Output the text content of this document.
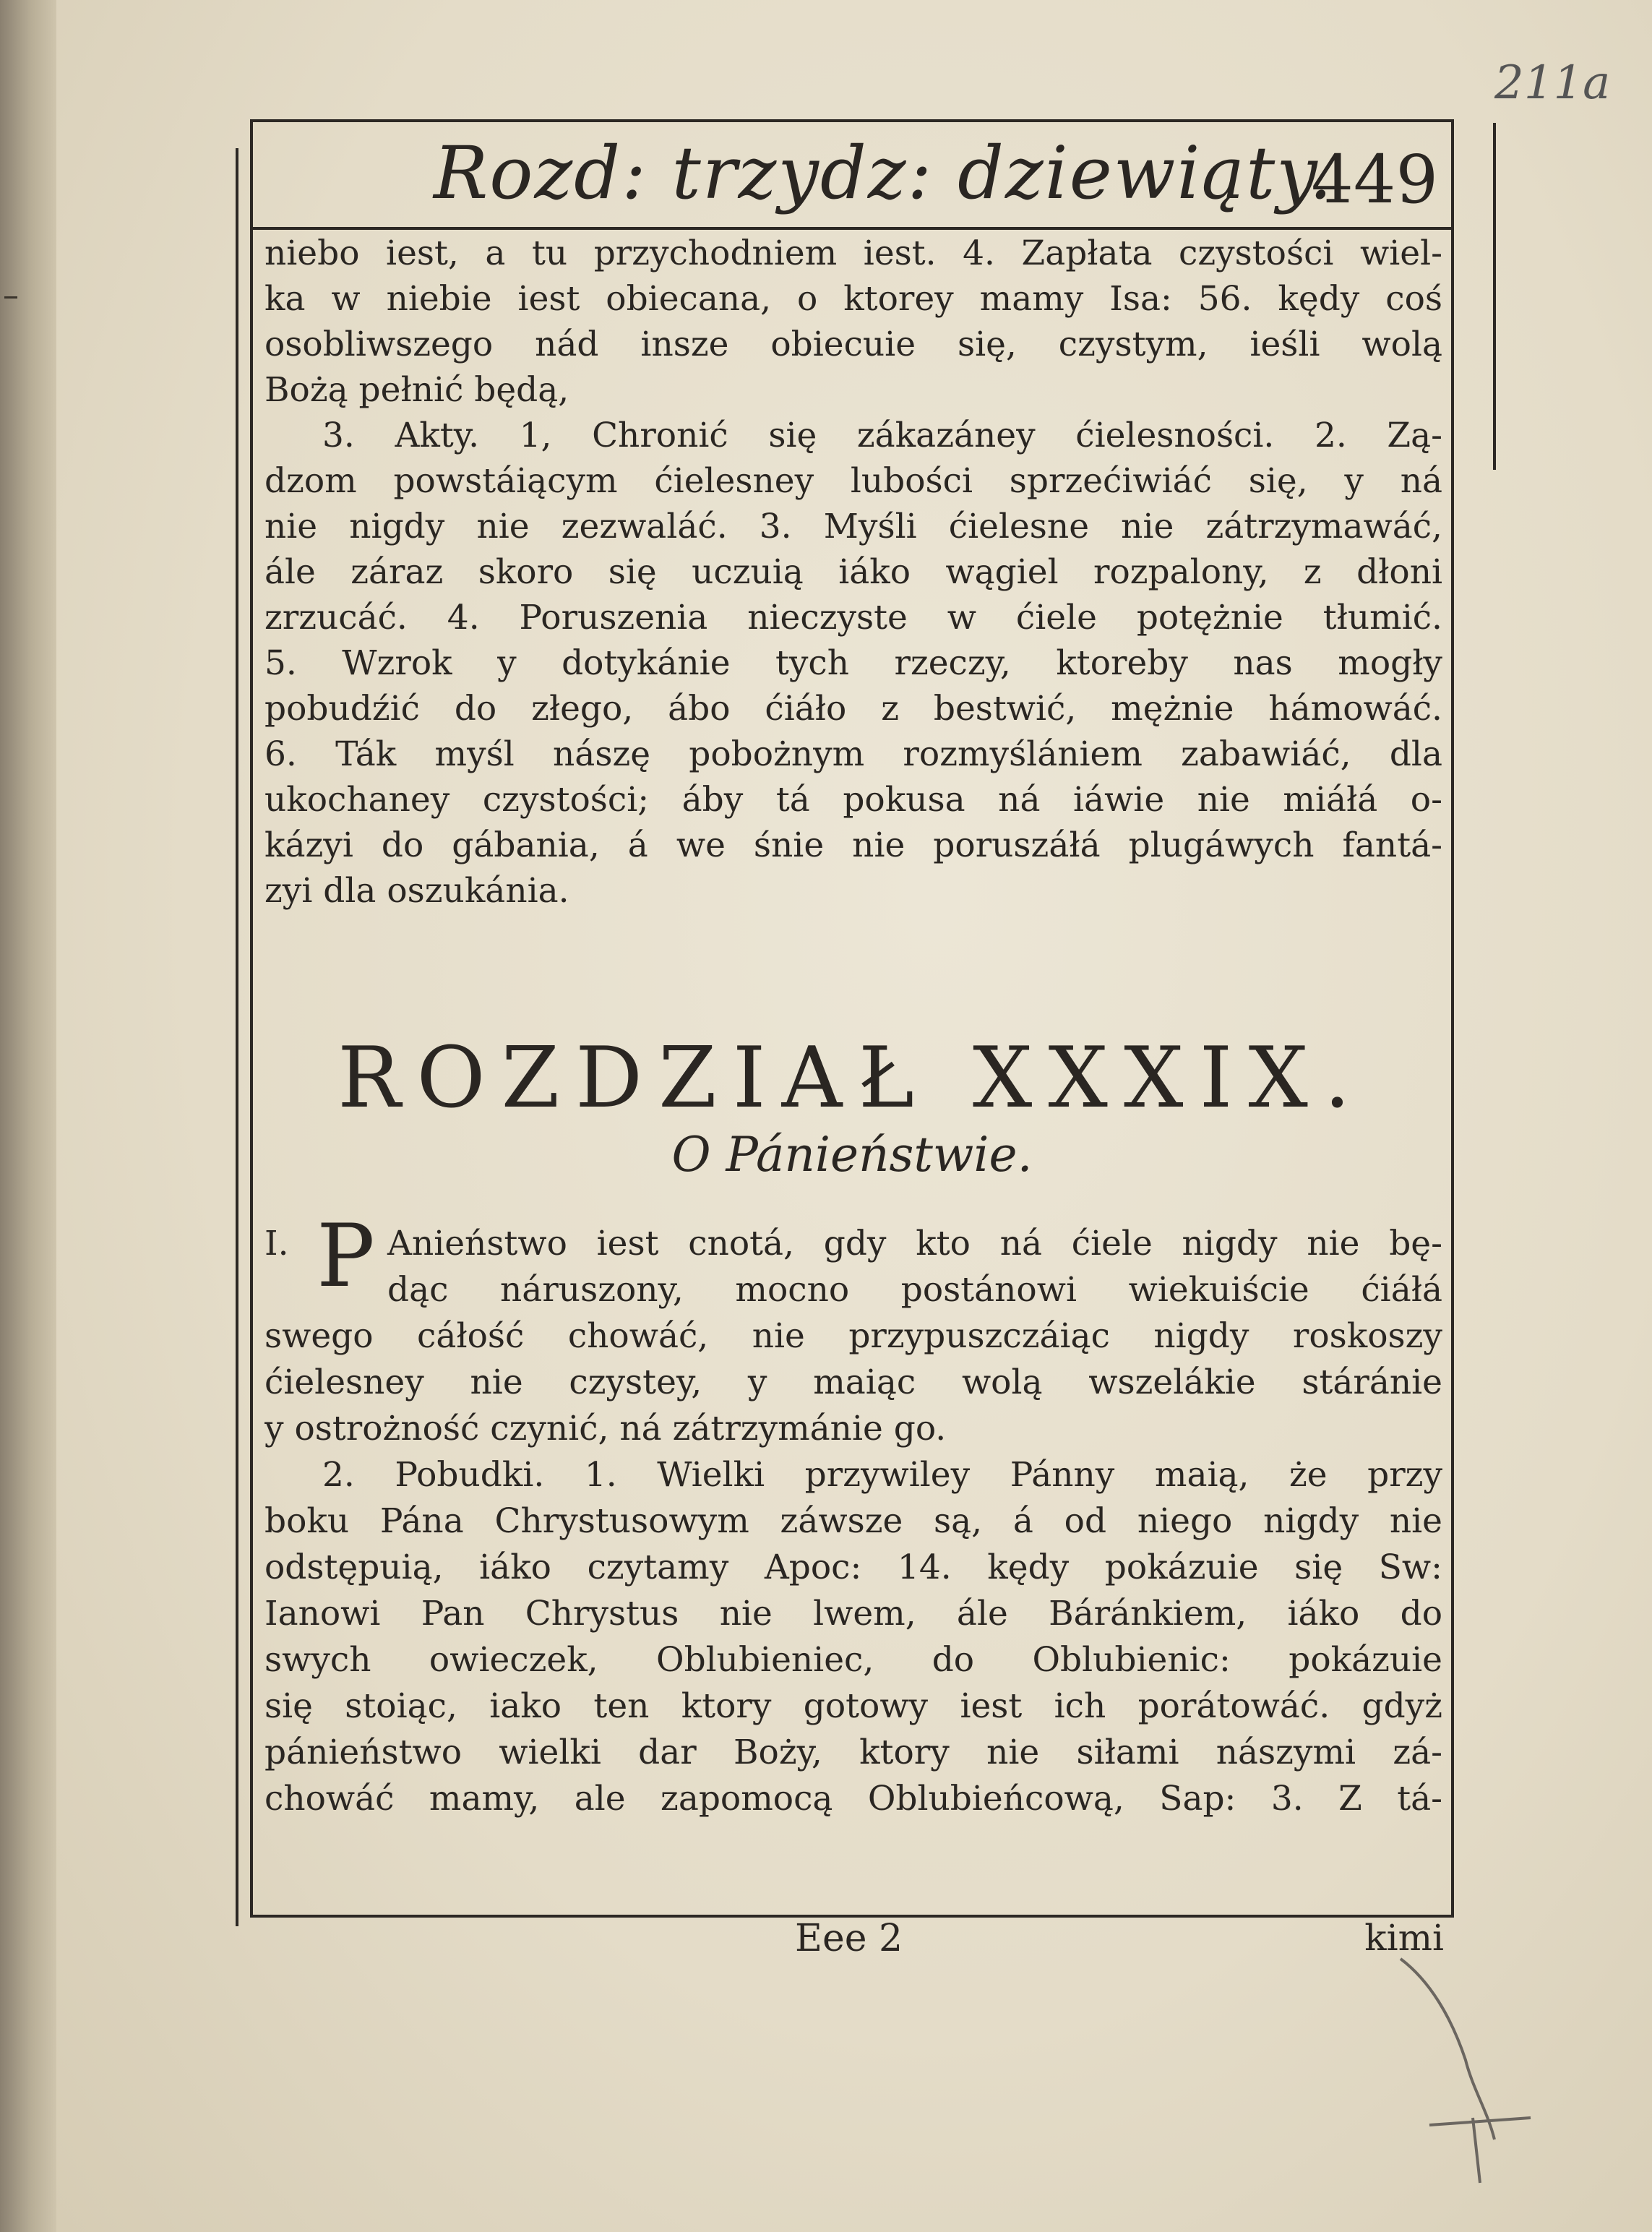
211a
Rozd: trzydz: dziewiąty.
449
niebo iest, a tu przychodniem iest. 4. Zapłata czystości wiel-
ka w niebie iest obiecana, o ktorey mamy Isa: 56. kędy coś
osobliwszego nád insze obiecuie się, czystym, ieśli wolą
Bożą pełnić będą,
3. Akty. 1, Chronić się zákazáney ćielesności. 2. Zą-
dzom powstáiącym ćielesney lubości sprzećiwiáć się, y ná
nie nigdy nie zezwaláć. 3. Myśli ćielesne nie zátrzymawáć,
ále záraz skoro się uczuią iáko wągiel rozpalony, z dłoni
zrzucáć. 4. Poruszenia nieczyste w ćiele potężnie tłumić.
5. Wzrok y dotykánie tych rzeczy, ktoreby nas mogły
pobudźić do złego, ábo ćiáło z bestwić, mężnie hámowáć.
6. Ták myśl nászę pobożnym rozmyślániem zabawiáć, dla
ukochaney czystości; áby tá pokusa ná iáwie nie miáłá o-
kázyi do gábania, á we śnie nie poruszáłá plugáwych fantá-
zyi dla oszukánia.
ROZDZIAŁ XXXIX.
O Pánieństwie.
I. P Anieństwo iest cnotá, gdy kto ná ćiele nigdy nie bę-
dąc náruszony, mocno postánowi wiekuiście ćiáłá
swego cáłość chowáć, nie przypuszczáiąc nigdy roskoszy
ćielesney nie czystey, y maiąc wolą wszelákie stáránie
y ostrożność czynić, ná zátrzymánie go.
2. Pobudki. 1. Wielki przywiley Pánny maią, że przy
boku Pána Chrystusowym záwsze są, á od niego nigdy nie
odstępuią, iáko czytamy Apoc: 14. kędy pokázuie się Sw:
Ianowi Pan Chrystus nie lwem, ále Báránkiem, iáko do
swych owieczek, Oblubieniec, do Oblubienic: pokázuie
się stoiąc, iako ten ktory gotowy iest ich porátowáć. gdyż
pánieństwo wielki dar Boży, ktory nie siłami nászymi zá-
chowáć mamy, ale zapomocą Oblubieńcową, Sap: 3. Z tá-
Eee 2	kimi
